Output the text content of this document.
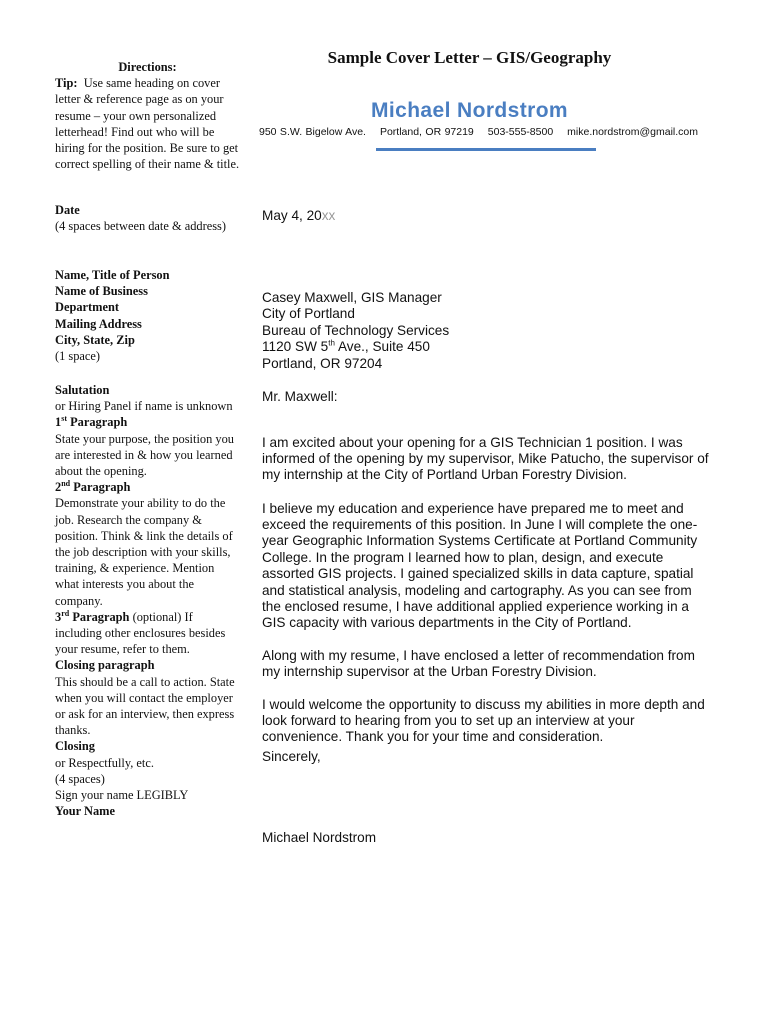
Directions:
Tip: Use same heading on cover letter & reference page as on your resume – your own personalized letterhead! Find out who will be hiring for the position. Be sure to get correct spelling of their name & title.
Date
(4 spaces between date & address)
Name, Title of Person
Name of Business
Department
Mailing Address
City, State, Zip
(1 space)
Salutation
or Hiring Panel if name is unknown
1st Paragraph
State your purpose, the position you are interested in & how you learned about the opening.
2nd Paragraph
Demonstrate your ability to do the job. Research the company & position. Think & link the details of the job description with your skills, training, & experience. Mention what interests you about the company.
3rd Paragraph (optional) If including other enclosures besides your resume, refer to them.
Closing paragraph
This should be a call to action. State when you will contact the employer or ask for an interview, then express thanks.
Closing
or Respectfully, etc.
(4 spaces)
Sign your name LEGIBLY
Your Name
Sample Cover Letter – GIS/Geography
Michael Nordstrom
950 S.W. Bigelow Ave. Portland, OR 97219 503-555-8500 mike.nordstrom@gmail.com
May 4, 20xx
Casey Maxwell, GIS Manager
City of Portland
Bureau of Technology Services
1120 SW 5th Ave., Suite 450
Portland, OR 97204
Mr. Maxwell:

I am excited about your opening for a GIS Technician 1 position. I was informed of the opening by my supervisor, Mike Patucho, the supervisor of my internship at the City of Portland Urban Forestry Division.

I believe my education and experience have prepared me to meet and exceed the requirements of this position. In June I will complete the one-year Geographic Information Systems Certificate at Portland Community College. In the program I learned how to plan, design, and execute assorted GIS projects. I gained specialized skills in data capture, spatial and statistical analysis, modeling and cartography. As you can see from the enclosed resume, I have additional applied experience working in a GIS capacity with various departments in the City of Portland.

Along with my resume, I have enclosed a letter of recommendation from my internship supervisor at the Urban Forestry Division.

I would welcome the opportunity to discuss my abilities in more depth and look forward to hearing from you to set up an interview at your convenience. Thank you for your time and consideration.

Sincerely,
Michael Nordstrom
